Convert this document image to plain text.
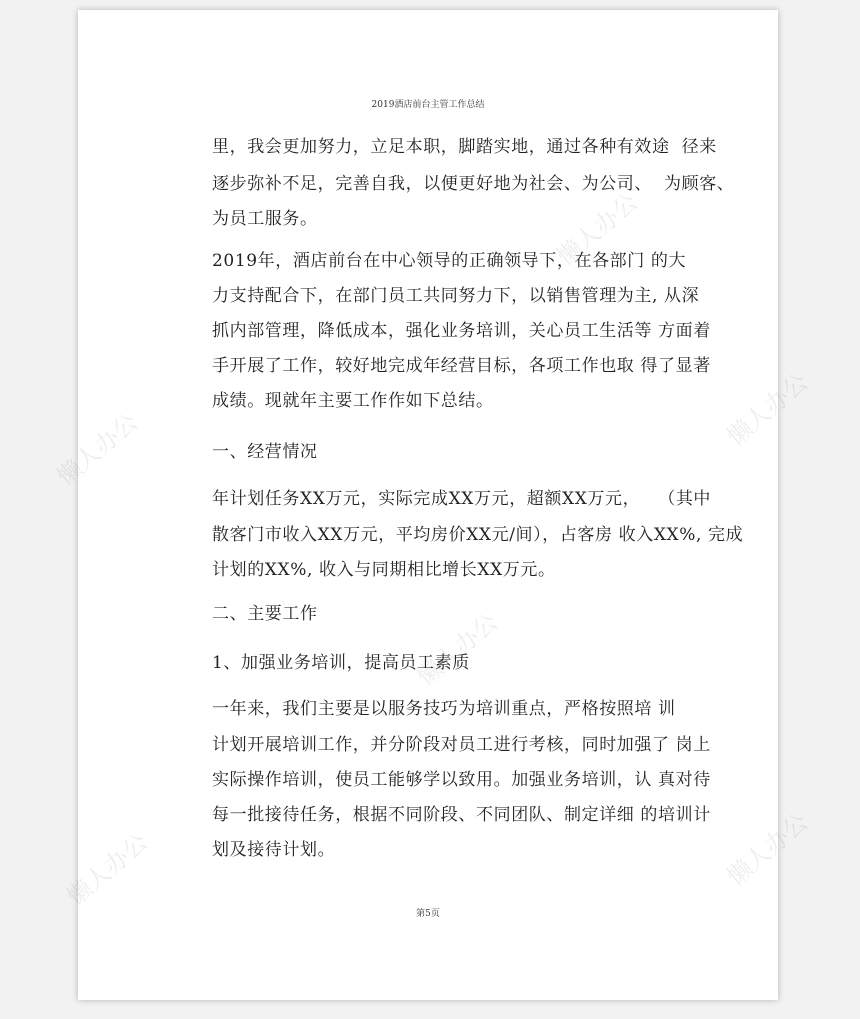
懒人办公
懒人办公
懒人办公
懒人办公	懒人办公
懒人办公
2019酒店前台主管工作总结
里，我会更加努力，立足本职，脚踏实地，通过各种有效途  径来
逐步弥补不足，完善自我，以便更好地为社会、为公司、  为顾客、
为员工服务。
2019年，酒店前台在中心领导的正确领导下，在各部门 的大
力支持配合下，在部门员工共同努力下，以销售管理为主, 从深
抓内部管理，降低成本，强化业务培训，关心员工生活等 方面着
手开展了工作，较好地完成年经营目标，各项工作也取 得了显著
成绩。现就年主要工作作如下总结。
一、经营情况
年计划任务XX万元，实际完成XX万元，超额XX万元，   （其中
散客门市收入XX万元，平均房价XX元/间），占客房 收入XX%, 完成
计划的XX%, 收入与同期相比增长XX万元。
二、主要工作
1、加强业务培训，提高员工素质
一年来，我们主要是以服务技巧为培训重点，严格按照培 训
计划开展培训工作，并分阶段对员工进行考核，同时加强了 岗上
实际操作培训，使员工能够学以致用。加强业务培训，认 真对待
每一批接待任务，根据不同阶段、不同团队、制定详细 的培训计
划及接待计划。
第5页
